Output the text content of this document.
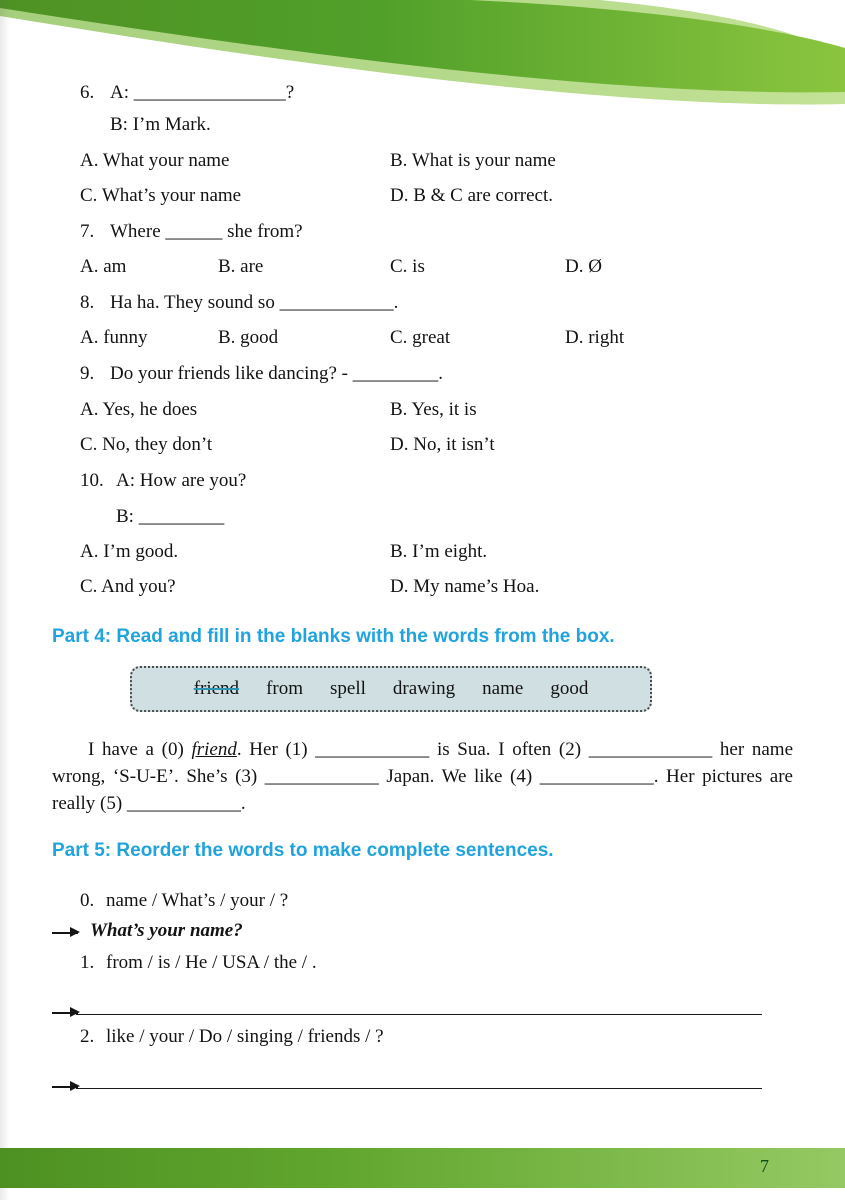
6. A: ________________?
B: I’m Mark.
A. What your name	B. What is your name
C. What’s your name	D. B & C are correct.
7. Where ______ she from?
A. am	B. are	C. is	D. Ø
8. Ha ha. They sound so ____________.
A. funny	B. good	C. great	D. right
9. Do your friends like dancing? - _________.
A. Yes, he does	B. Yes, it is
C. No, they don’t	D. No, it isn’t
10. A: How are you?
B: _________
A. I’m good.	B. I’m eight.
C. And you?	D. My name’s Hoa.
Part 4: Read and fill in the blanks with the words from the box.
friend from spell drawing name good

I have a (0) friend. Her (1) ____________ is Sua. I often (2) _____________ her name wrong, ‘S-U-E’. She’s (3) ____________ Japan. We like (4) ____________. Her pictures are really (5) ____________.

Part 5: Reorder the words to make complete sentences.
0. name / What’s / your / ?
What’s your name?
1. from / is / He / USA / the / .
2. like / your / Do / singing / friends / ?
7
